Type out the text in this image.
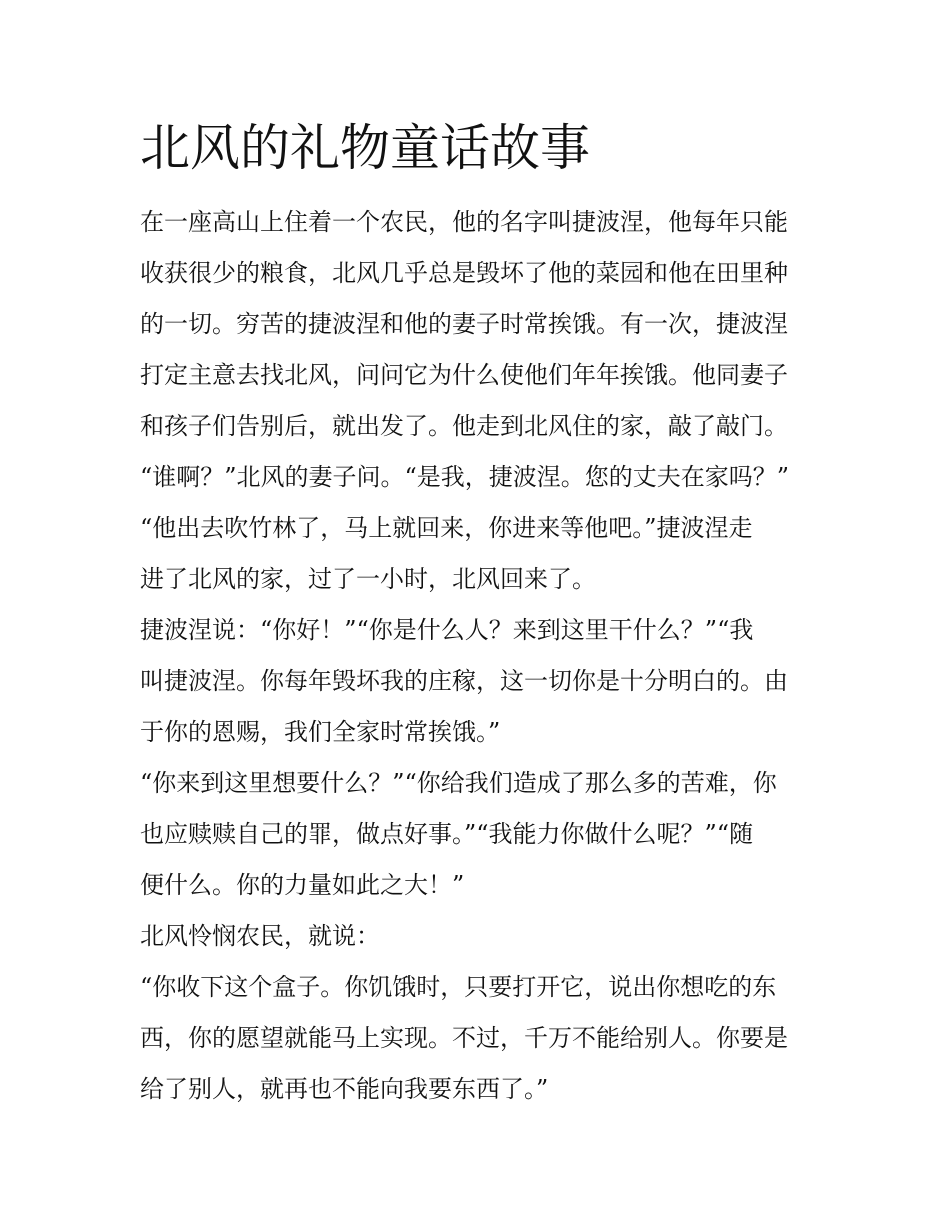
北风的礼物童话故事
在一座高山上住着一个农民，他的名字叫捷波涅，他每年只能
收获很少的粮食，北风几乎总是毁坏了他的菜园和他在田里种
的一切。穷苦的捷波涅和他的妻子时常挨饿。有一次，捷波涅
打定主意去找北风，问问它为什么使他们年年挨饿。他同妻子
和孩子们告别后，就出发了。他走到北风住的家，敲了敲门。
“谁啊？”北风的妻子问。“是我，捷波涅。您的丈夫在家吗？”
“他出去吹竹林了，马上就回来，你进来等他吧。”捷波涅走
进了北风的家，过了一小时，北风回来了。
捷波涅说：“你好！”“你是什么人？来到这里干什么？”“我
叫捷波涅。你每年毁坏我的庄稼，这一切你是十分明白的。由
于你的恩赐，我们全家时常挨饿。”
“你来到这里想要什么？”“你给我们造成了那么多的苦难，你
也应赎赎自己的罪，做点好事。”“我能力你做什么呢？”“随
便什么。你的力量如此之大！”
北风怜悯农民，就说：
“你收下这个盒子。你饥饿时，只要打开它，说出你想吃的东
西，你的愿望就能马上实现。不过，千万不能给别人。你要是
给了别人，就再也不能向我要东西了。”
